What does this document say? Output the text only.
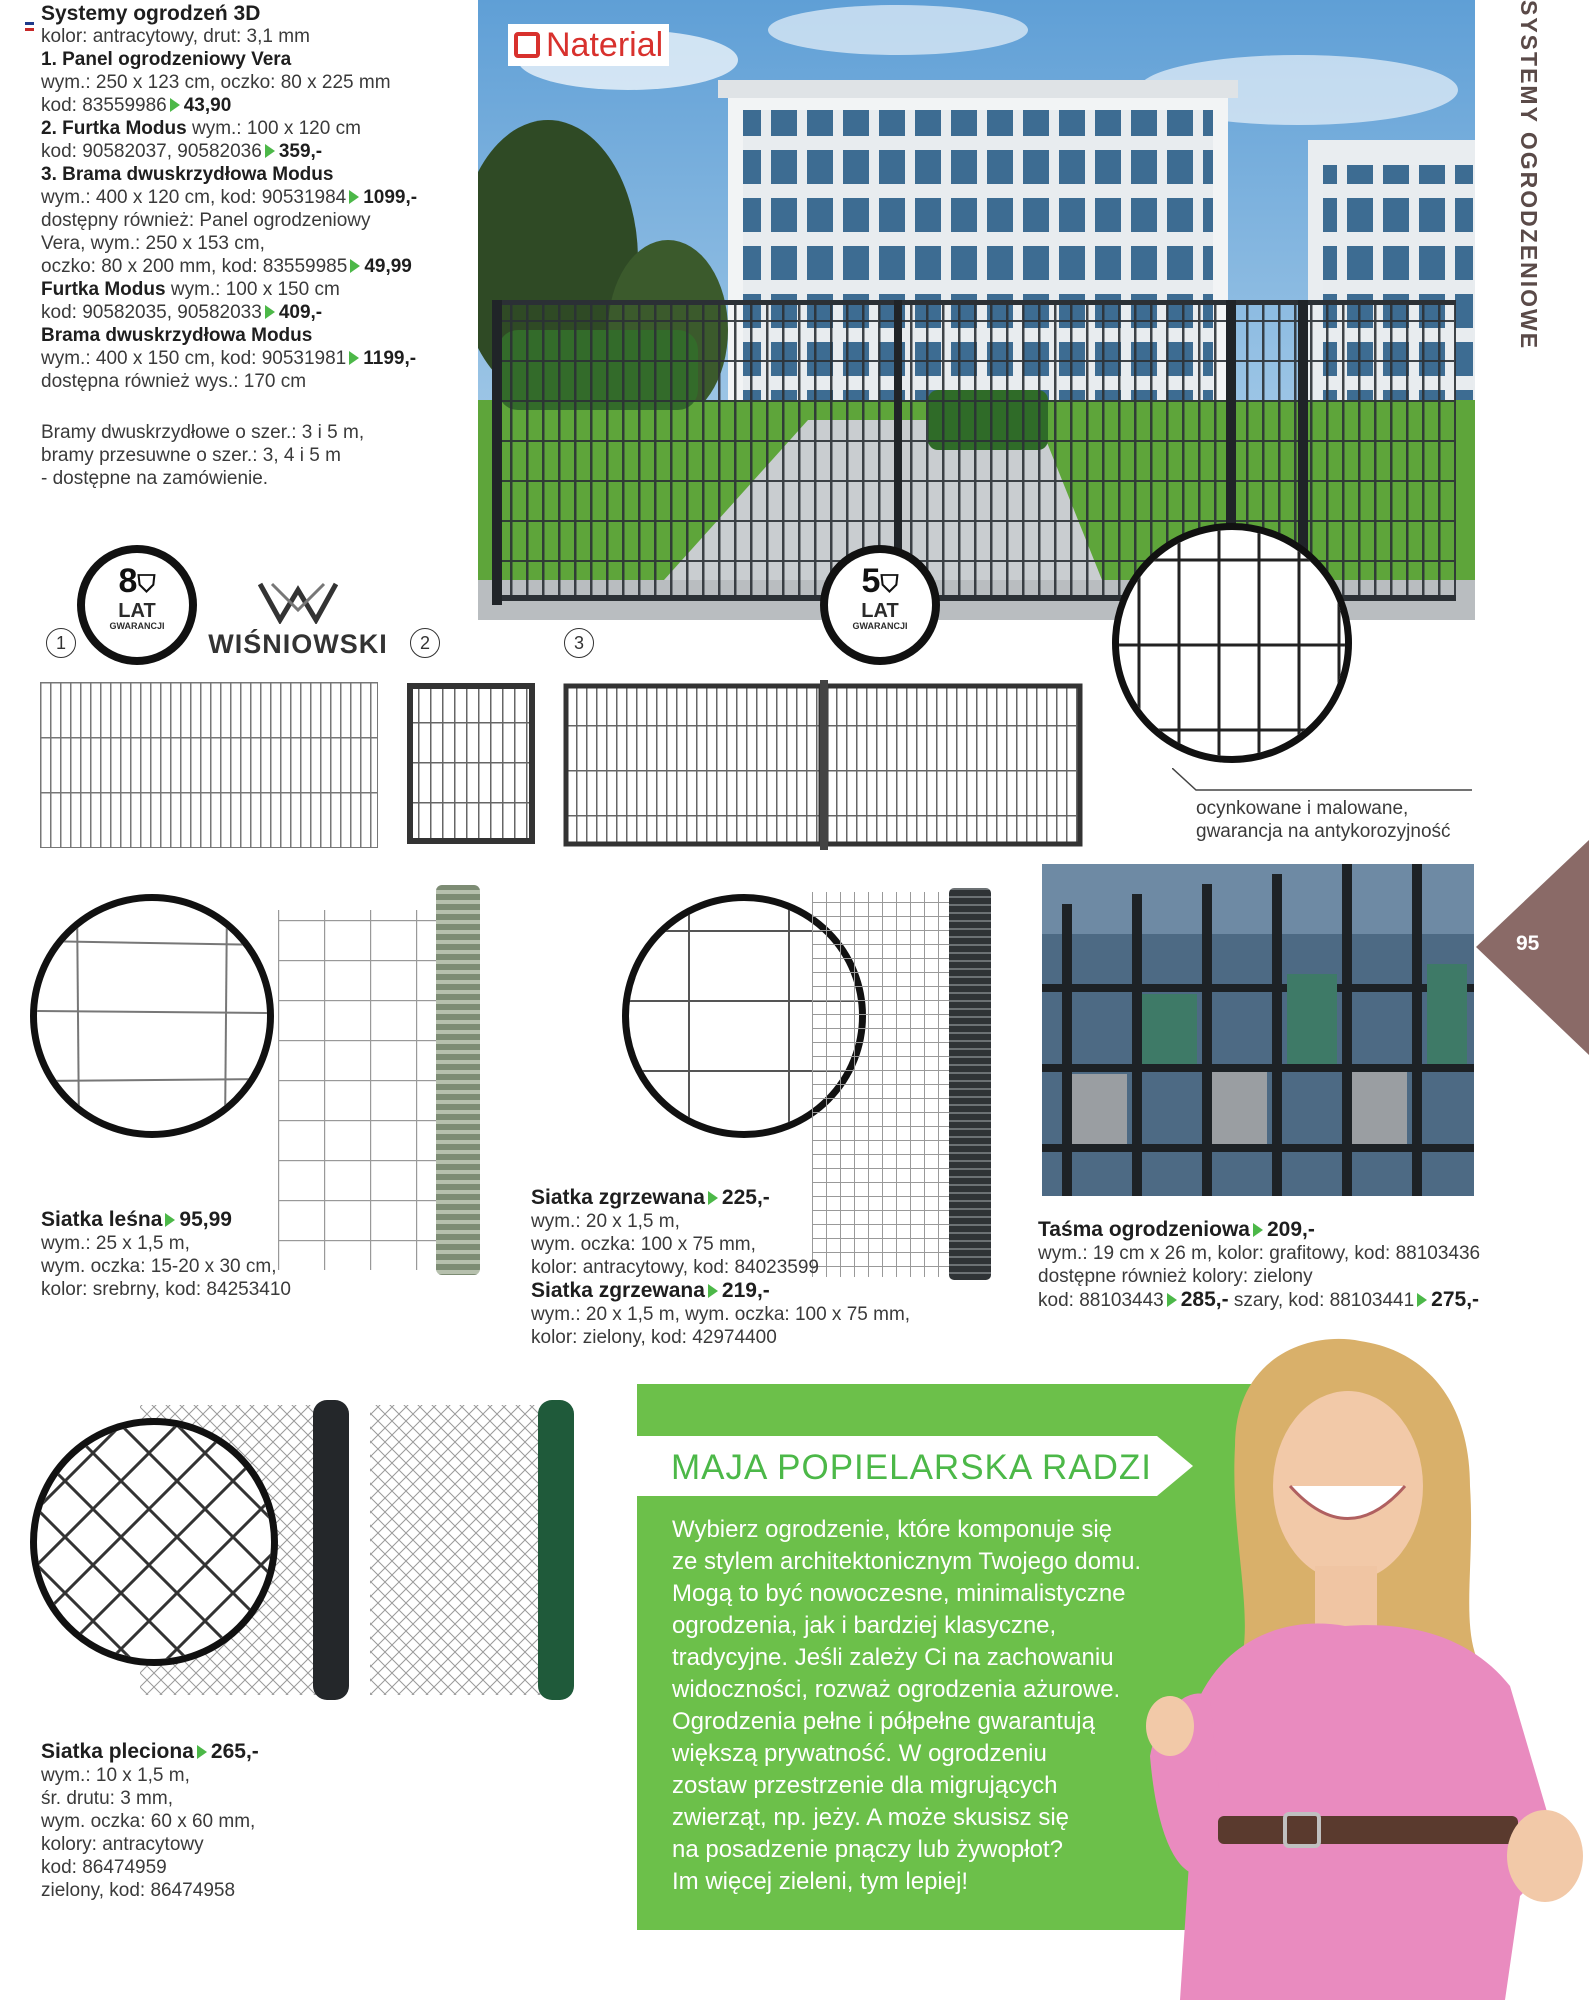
Systemy ogrodzeń 3D
kolor: antracytowy, drut: 3,1 mm
1. Panel ogrodzeniowy Vera
wym.: 250 x 123 cm, oczko: 80 x 225 mm
kod: 83559986 43,90
2. Furtka Modus wym.: 100 x 120 cm
kod: 90582037, 90582036 359,-
3. Brama dwuskrzydłowa Modus
wym.: 400 x 120 cm, kod: 90531984 1099,-
dostępny również: Panel ogrodzeniowy
Vera, wym.: 250 x 153 cm,
oczko: 80 x 200 mm, kod: 83559985 49,99
Furtka Modus wym.: 100 x 150 cm
kod: 90582035, 90582033 409,-
Brama dwuskrzydłowa Modus
wym.: 400 x 150 cm, kod: 90531981 1199,-
dostępna również wys.: 170 cm
Bramy dwuskrzydłowe o szer.: 3 i 5 m,
bramy przesuwne o szer.: 3, 4 i 5 m
- dostępne na zamówienie.
Naterial	SYSTEMY OGRODZENIOWE
95
8⛉
LAT
GWARANCJI
WIŚNIOWSKI
1	2	3
5⛉
LAT
GWARANCJI
ocynkowane i malowane,
gwarancja na antykorozyjność
Siatka leśna 95,99
wym.: 25 x 1,5 m,
wym. oczka: 15-20 x 30 cm,
kolor: srebrny, kod: 84253410
Siatka zgrzewana 225,-
wym.: 20 x 1,5 m,
wym. oczka: 100 x 75 mm,
kolor: antracytowy, kod: 84023599
Siatka zgrzewana 219,-
wym.: 20 x 1,5 m, wym. oczka: 100 x 75 mm,
kolor: zielony, kod: 42974400
Taśma ogrodzeniowa 209,-
wym.: 19 cm x 26 m, kolor: grafitowy, kod: 88103436
dostępne również kolory: zielony
kod: 88103443 285,- szary, kod: 88103441 275,-
Siatka pleciona 265,-
wym.: 10 x 1,5 m,
śr. drutu: 3 mm,
wym. oczka: 60 x 60 mm,
kolory: antracytowy
kod: 86474959
zielony, kod: 86474958
MAJA POPIELARSKA RADZI
Wybierz ogrodzenie, które komponuje się
ze stylem architektonicznym Twojego domu.
Mogą to być nowoczesne, minimalistyczne
ogrodzenia, jak i bardziej klasyczne,
tradycyjne. Jeśli zależy Ci na zachowaniu
widoczności, rozważ ogrodzenia ażurowe.
Ogrodzenia pełne i półpełne gwarantują
większą prywatność. W ogrodzeniu
zostaw przestrzenie dla migrujących
zwierząt, np. jeży. A może skusisz się
na posadzenie pnączy lub żywopłot?
Im więcej zieleni, tym lepiej!
